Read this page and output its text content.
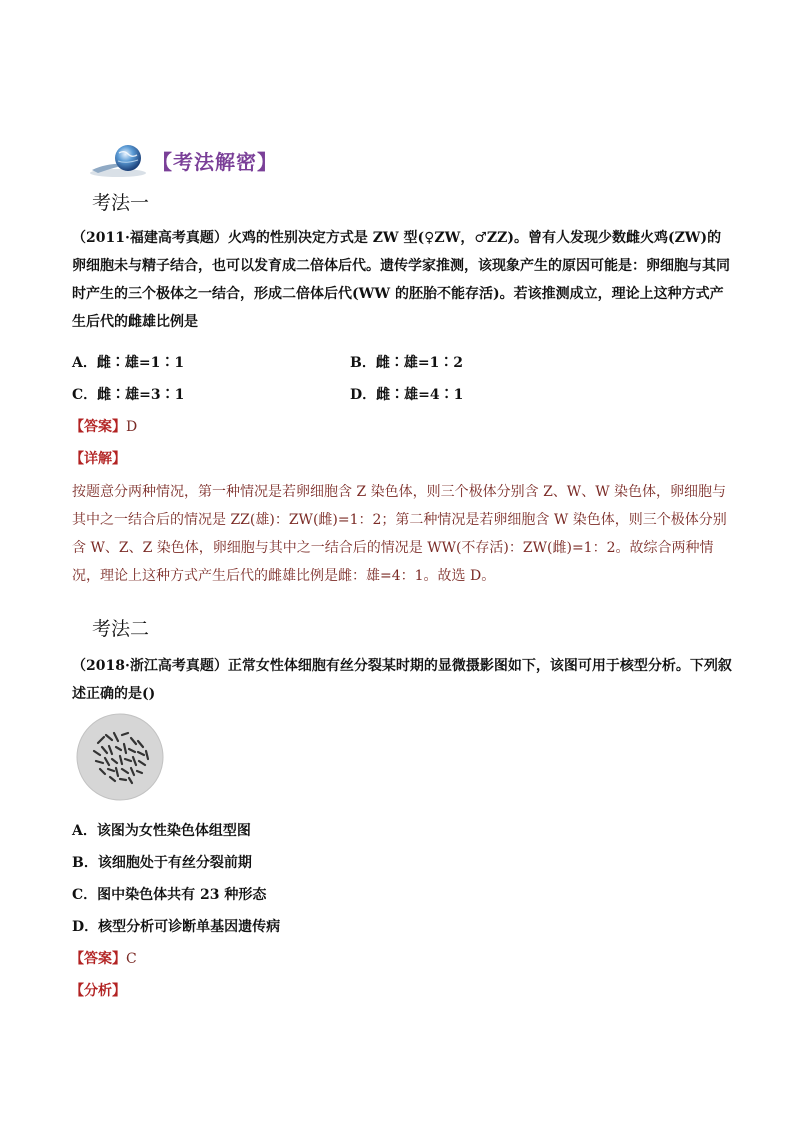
【考法解密】
考法一
（2011·福建高考真题）火鸡的性别决定方式是 ZW 型(♀ZW，♂ZZ)。曾有人发现少数雌火鸡(ZW)的卵细胞未与精子结合，也可以发育成二倍体后代。遗传学家推测，该现象产生的原因可能是：卵细胞与其同时产生的三个极体之一结合，形成二倍体后代(WW 的胚胎不能存活)。若该推测成立，理论上这种方式产生后代的雌雄比例是
A．雌∶雄=1∶1	B．雌∶雄=1∶2
C．雌∶雄=3∶1	D．雌∶雄=4∶1
【答案】D
【详解】
按题意分两种情况，第一种情况是若卵细胞含 Z 染色体，则三个极体分别含 Z、W、W 染色体，卵细胞与其中之一结合后的情况是 ZZ(雄)：ZW(雌)=1：2；第二种情况是若卵细胞含 W 染色体，则三个极体分别含 W、Z、Z 染色体，卵细胞与其中之一结合后的情况是 WW(不存活)：ZW(雌)=1：2。故综合两种情况，理论上这种方式产生后代的雌雄比例是雌：雄=4：1。故选 D。
考法二
（2018·浙江高考真题）正常女性体细胞有丝分裂某时期的显微摄影图如下，该图可用于核型分析。下列叙述正确的是()
A．该图为女性染色体组型图
B．该细胞处于有丝分裂前期
C．图中染色体共有 23 种形态
D．核型分析可诊断单基因遗传病
【答案】C
【分析】
